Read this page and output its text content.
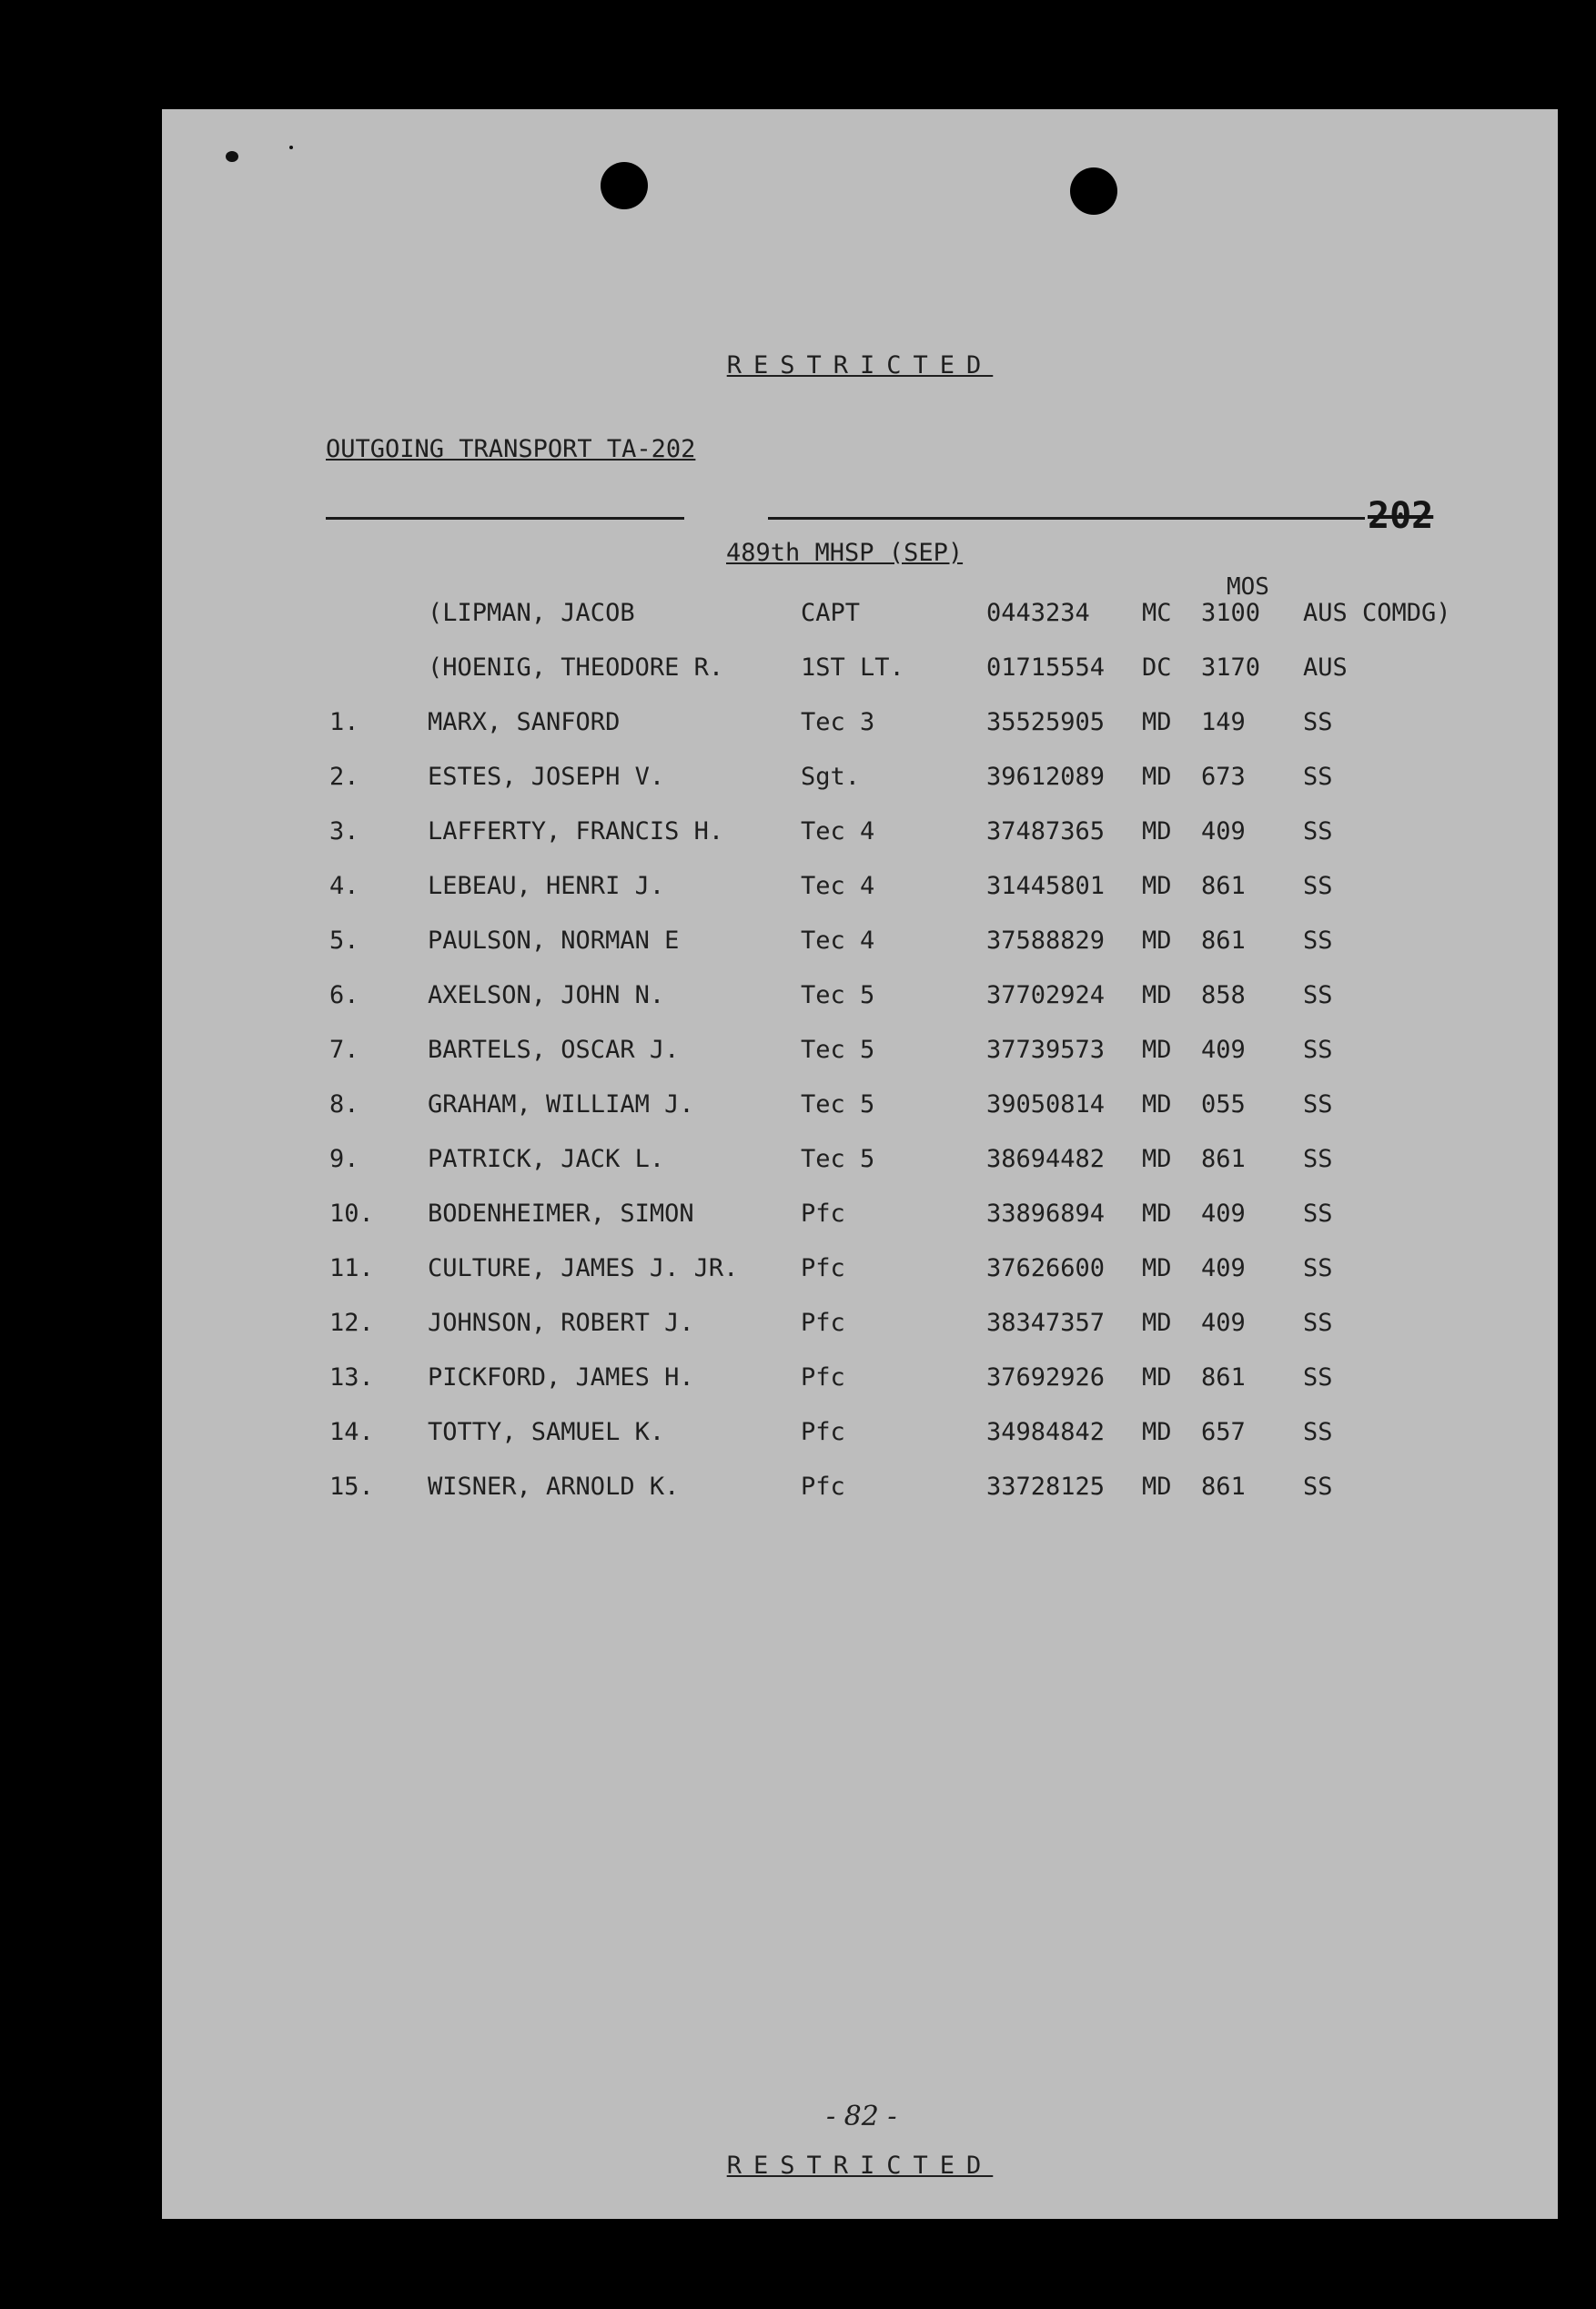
RESTRICTED
OUTGOING TRANSPORT TA-202
202
489th MHSP (SEP)
MOS
(LIPMAN, JACOB	CAPT	0443234 MC 3100 AUS COMDG)
(HOENIG, THEODORE R.	1ST LT.	01715554 DC 3170 AUS
1.	MARX, SANFORD	Tec 3	35525905 MD 149 SS
2.	ESTES, JOSEPH V.	Sgt.	39612089 MD 673 SS
3.	LAFFERTY, FRANCIS H.	Tec 4	37487365 MD 409 SS
4.	LEBEAU, HENRI J.	Tec 4	31445801 MD 861 SS
5.	PAULSON, NORMAN E	Tec 4	37588829 MD 861 SS
6.	AXELSON, JOHN N.	Tec 5	37702924 MD 858 SS
7.	BARTELS, OSCAR J.	Tec 5	37739573 MD 409 SS
8.	GRAHAM, WILLIAM J.	Tec 5	39050814 MD 055 SS
9.	PATRICK, JACK L.	Tec 5	38694482 MD 861 SS
10. BODENHEIMER, SIMON	Pfc	33896894 MD 409 SS
11. CULTURE, JAMES J. JR.	Pfc	37626600 MD 409 SS
12. JOHNSON, ROBERT J.	Pfc	38347357 MD 409 SS
13. PICKFORD, JAMES H.	Pfc	37692926 MD 861 SS
14. TOTTY, SAMUEL K.	Pfc	34984842 MD 657 SS
15. WISNER, ARNOLD K.	Pfc	33728125 MD 861 SS
- 82 -
RESTRICTED
